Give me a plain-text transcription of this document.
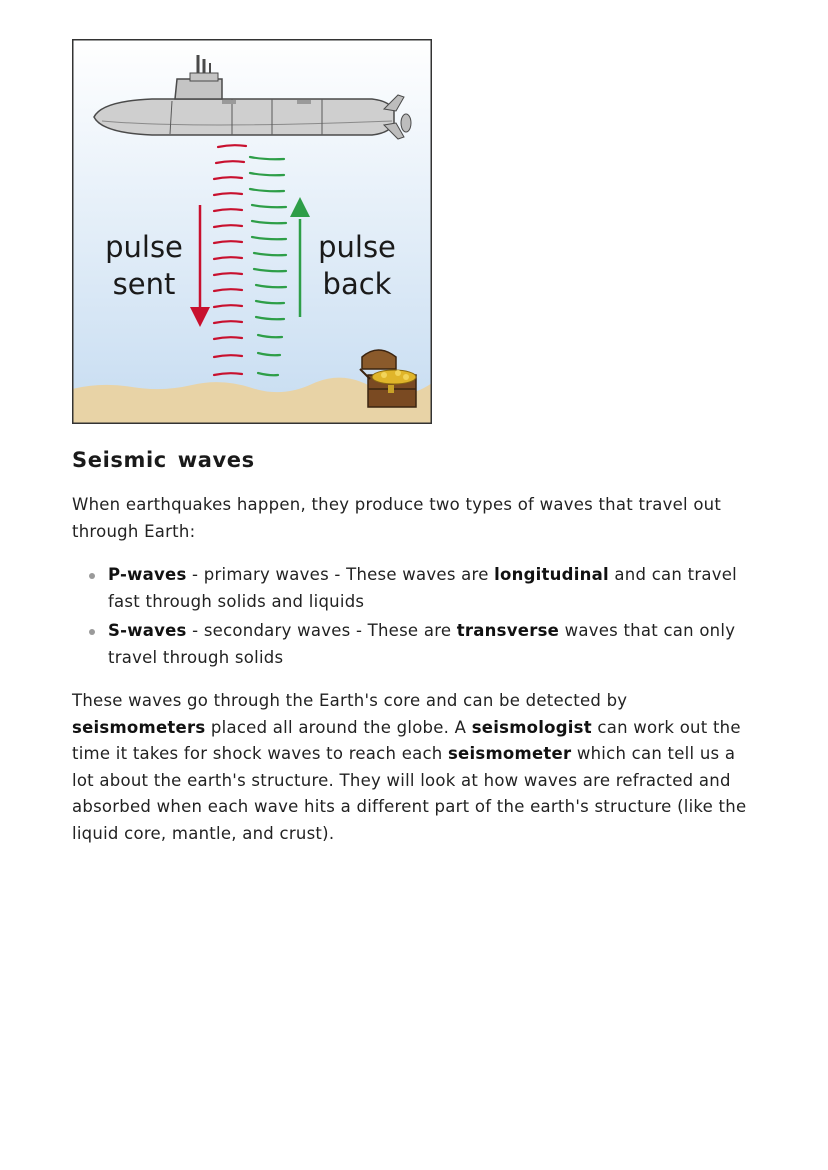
pulse
sent
pulse
back
Seismic waves

When earthquakes happen, they produce two types of waves that travel out through Earth:

P-waves - primary waves - These waves are longitudinal and can travel fast through solids and liquids
S-waves - secondary waves - These are transverse waves that can only travel through solids

These waves go through the Earth's core and can be detected by seismometers placed all around the globe. A seismologist can work out the time it takes for shock waves to reach each seismometer which can tell us a lot about the earth's structure. They will look at how waves are refracted and absorbed when each wave hits a different part of the earth's structure (like the liquid core, mantle, and crust).
